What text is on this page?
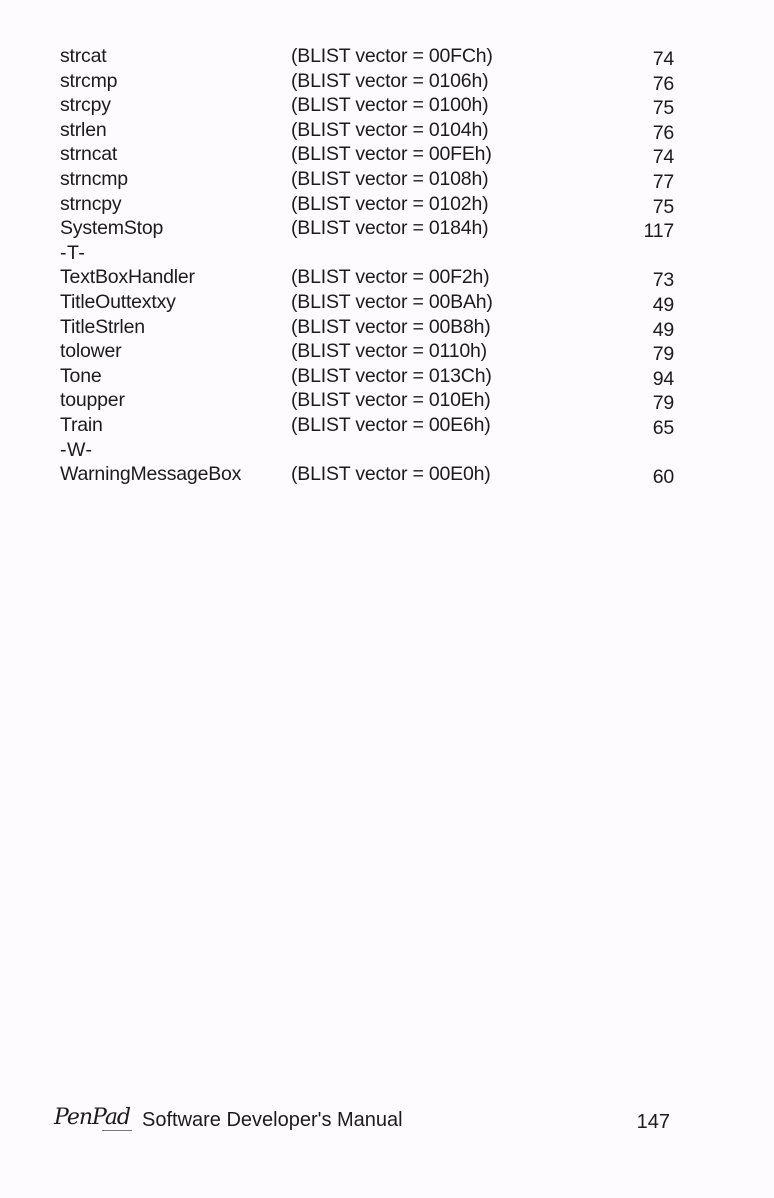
strcat	(BLIST vector = 00FCh)	74
strcmp	(BLIST vector = 0106h)	76
strcpy	(BLIST vector = 0100h)	75
strlen	(BLIST vector = 0104h)	76
strncat	(BLIST vector = 00FEh)	74
strncmp	(BLIST vector = 0108h)	77
strncpy	(BLIST vector = 0102h)	75
SystemStop	(BLIST vector = 0184h)	117
-T-
TextBoxHandler	(BLIST vector = 00F2h)	73
TitleOuttextxy	(BLIST vector = 00BAh)	49
TitleStrlen	(BLIST vector = 00B8h)	49
tolower	(BLIST vector = 0110h)	79
Tone	(BLIST vector = 013Ch)	94
toupper	(BLIST vector = 010Eh)	79
Train	(BLIST vector = 00E6h)	65
-W-
WarningMessageBox	(BLIST vector = 00E0h)	60
PenPad Software Developer's Manual	147
